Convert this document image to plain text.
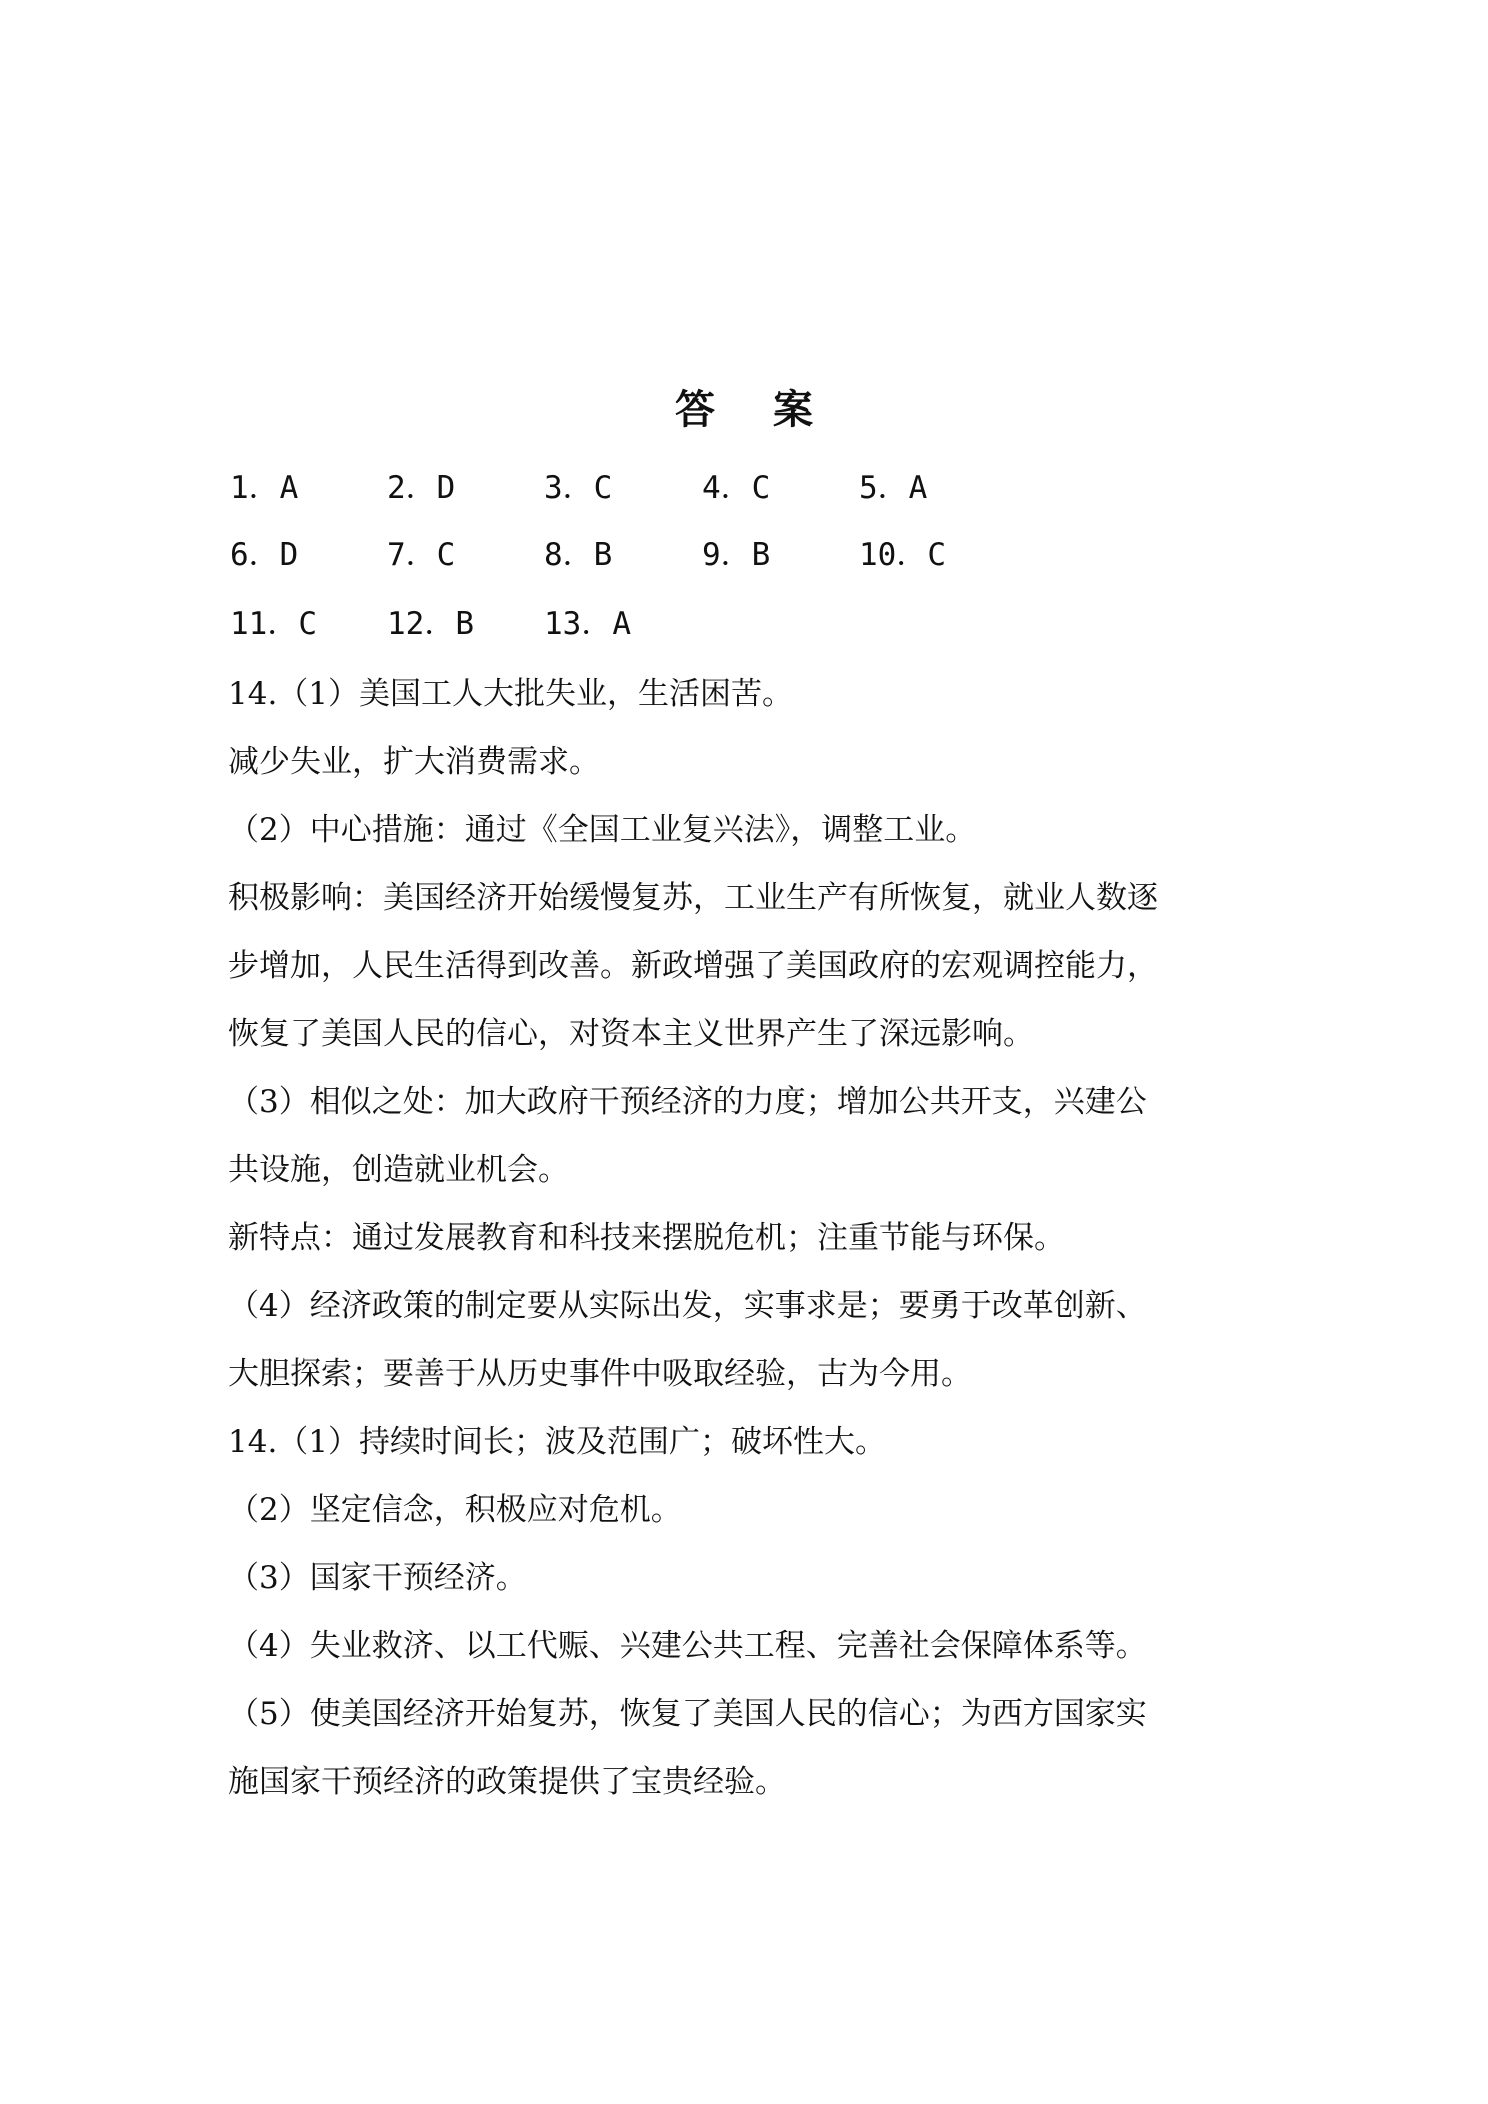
答 案
1．A	2．D	3．C	4．C	5．A
6．D	7．C	8．B	9．B	10．C
11．C 12．B 13．A
14.（1）美国工人大批失业，生活困苦。
减少失业，扩大消费需求。
（2）中心措施：通过《全国工业复兴法》，调整工业。
积极影响：美国经济开始缓慢复苏，工业生产有所恢复，就业人数逐
步增加，人民生活得到改善。新政增强了美国政府的宏观调控能力，
恢复了美国人民的信心，对资本主义世界产生了深远影响。
（3）相似之处：加大政府干预经济的力度；增加公共开支，兴建公
共设施，创造就业机会。
新特点：通过发展教育和科技来摆脱危机；注重节能与环保。
（4）经济政策的制定要从实际出发，实事求是；要勇于改革创新、
大胆探索；要善于从历史事件中吸取经验，古为今用。
14.（1）持续时间长；波及范围广；破坏性大。
（2）坚定信念，积极应对危机。
（3）国家干预经济。
（4）失业救济、以工代赈、兴建公共工程、完善社会保障体系等。
（5）使美国经济开始复苏，恢复了美国人民的信心；为西方国家实
施国家干预经济的政策提供了宝贵经验。
